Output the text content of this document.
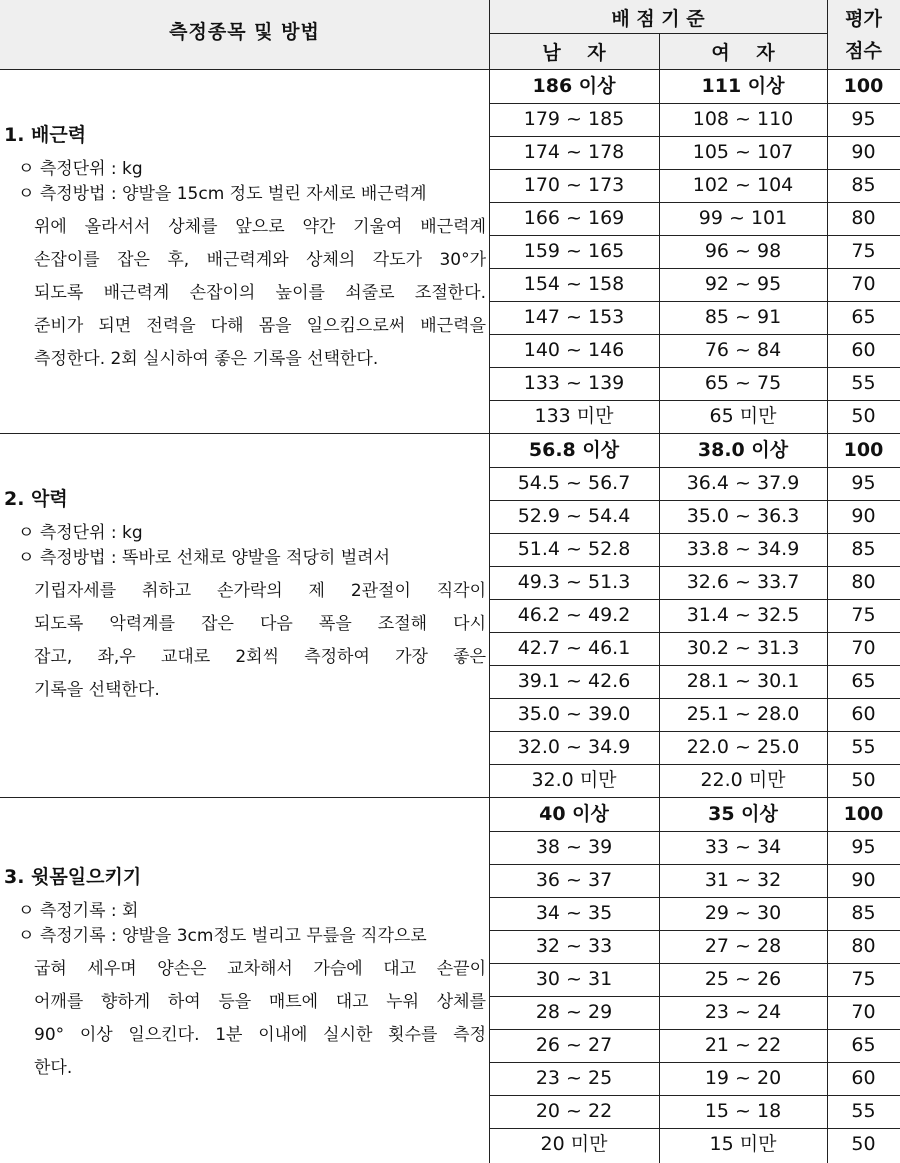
측정종목 및 방법
배 점 기 준
남    자	여    자
평가
점수
1. 배근력
ㅇ 측정단위 : kg
ㅇ 측정방법 : 양발을 15cm 정도 벌린 자세로 배근력계
위에 올라서서 상체를 앞으로 약간 기울여 배근력계
손잡이를 잡은 후, 배근력계와 상체의 각도가 30°가
되도록 배근력계 손잡이의 높이를 쇠줄로 조절한다.
준비가 되면 전력을 다해 몸을 일으킴으로써 배근력을
측정한다. 2회 실시하여 좋은 기록을 선택한다.
186 이상	111 이상	100
179 ~ 185	108 ~ 110	95
174 ~ 178	105 ~ 107	90
170 ~ 173	102 ~ 104	85
166 ~ 169	99 ~ 101	80
159 ~ 165	96 ~ 98	75
154 ~ 158	92 ~ 95	70
147 ~ 153	85 ~ 91	65
140 ~ 146	76 ~ 84	60
133 ~ 139	65 ~ 75	55
133 미만	65 미만	50
2. 악력
ㅇ 측정단위 : kg
ㅇ 측정방법 : 똑바로 선채로 양발을 적당히 벌려서
기립자세를 취하고 손가락의 제 2관절이 직각이
되도록 악력계를 잡은 다음 폭을 조절해 다시
잡고, 좌,우 교대로 2회씩 측정하여 가장 좋은
기록을 선택한다.
56.8 이상	38.0 이상	100
54.5 ~ 56.7	36.4 ~ 37.9	95
52.9 ~ 54.4	35.0 ~ 36.3	90
51.4 ~ 52.8	33.8 ~ 34.9	85
49.3 ~ 51.3	32.6 ~ 33.7	80
46.2 ~ 49.2	31.4 ~ 32.5	75
42.7 ~ 46.1	30.2 ~ 31.3	70
39.1 ~ 42.6	28.1 ~ 30.1	65
35.0 ~ 39.0	25.1 ~ 28.0	60
32.0 ~ 34.9	22.0 ~ 25.0	55
32.0 미만	22.0 미만	50
3. 윗몸일으키기
ㅇ 측정기록 : 회
ㅇ 측정기록 : 양발을 3cm정도 벌리고 무릎을 직각으로
굽혀 세우며 양손은 교차해서 가슴에 대고 손끝이
어깨를 향하게 하여 등을 매트에 대고 누워 상체를
90° 이상 일으킨다. 1분 이내에 실시한 횟수를 측정
한다.
40 이상	35 이상	100
38 ~ 39	33 ~ 34	95
36 ~ 37	31 ~ 32	90
34 ~ 35	29 ~ 30	85
32 ~ 33	27 ~ 28	80
30 ~ 31	25 ~ 26	75
28 ~ 29	23 ~ 24	70
26 ~ 27	21 ~ 22	65
23 ~ 25	19 ~ 20	60
20 ~ 22	15 ~ 18	55
20 미만	15 미만	50
